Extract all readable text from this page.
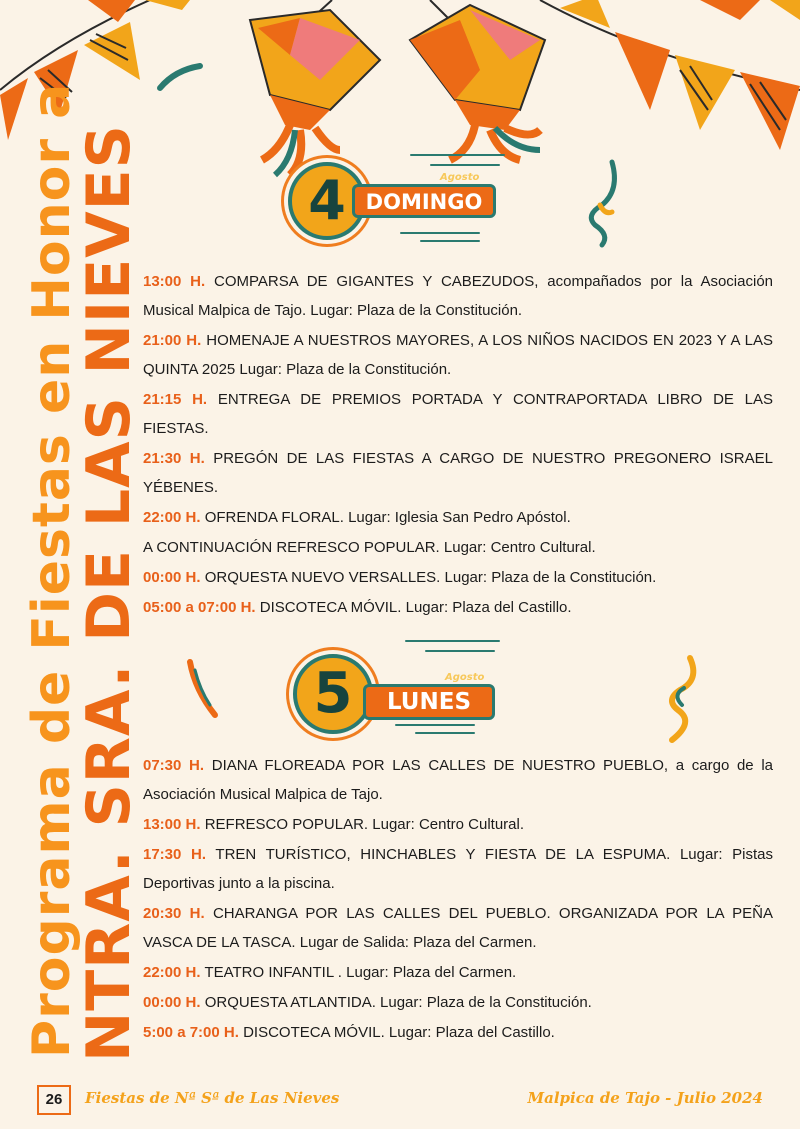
Programa de Fiestas en Honor a
NTRA. SRA. DE LAS NIEVES	4 DOMINGO
Agosto

13:00 H. COMPARSA DE GIGANTES Y CABEZUDOS, acompañados por la Asociación Musical Malpica de Tajo. Lugar: Plaza de la Constitución.

21:00 H. HOMENAJE A NUESTROS MAYORES, A LOS NIÑOS NACIDOS EN 2023 Y A LAS QUINTA 2025 Lugar: Plaza de la Constitución.

21:15 H. ENTREGA DE PREMIOS PORTADA Y CONTRAPORTADA LIBRO DE LAS FIESTAS.

21:30 H. PREGÓN DE LAS FIESTAS A CARGO DE NUESTRO PREGONERO ISRAEL YÉBENES.

22:00 H. OFRENDA FLORAL. Lugar: Iglesia San Pedro Apóstol.

A CONTINUACIÓN REFRESCO POPULAR. Lugar: Centro Cultural.

00:00 H. ORQUESTA NUEVO VERSALLES. Lugar: Plaza de la Constitución.

05:00 a 07:00 H. DISCOTECA MÓVIL. Lugar: Plaza del Castillo.

5	LUNES
Agosto

07:30 H. DIANA FLOREADA POR LAS CALLES DE NUESTRO PUEBLO, a cargo de la Asociación Musical Malpica de Tajo.

13:00 H. REFRESCO POPULAR. Lugar: Centro Cultural.

17:30 H. TREN TURÍSTICO, HINCHABLES Y FIESTA DE LA ESPUMA. Lugar: Pistas Deportivas junto a la piscina.

20:30 H. CHARANGA POR LAS CALLES DEL PUEBLO. ORGANIZADA POR LA PEÑA VASCA DE LA TASCA. Lugar de Salida: Plaza del Carmen.

22:00 H. TEATRO INFANTIL . Lugar: Plaza del Carmen.

00:00 H. ORQUESTA ATLANTIDA. Lugar: Plaza de la Constitución.

5:00 a 7:00 H. DISCOTECA MÓVIL. Lugar: Plaza del Castillo.

26	Fiestas de Nª Sª de Las Nieves	Malpica de Tajo - Julio 2024
